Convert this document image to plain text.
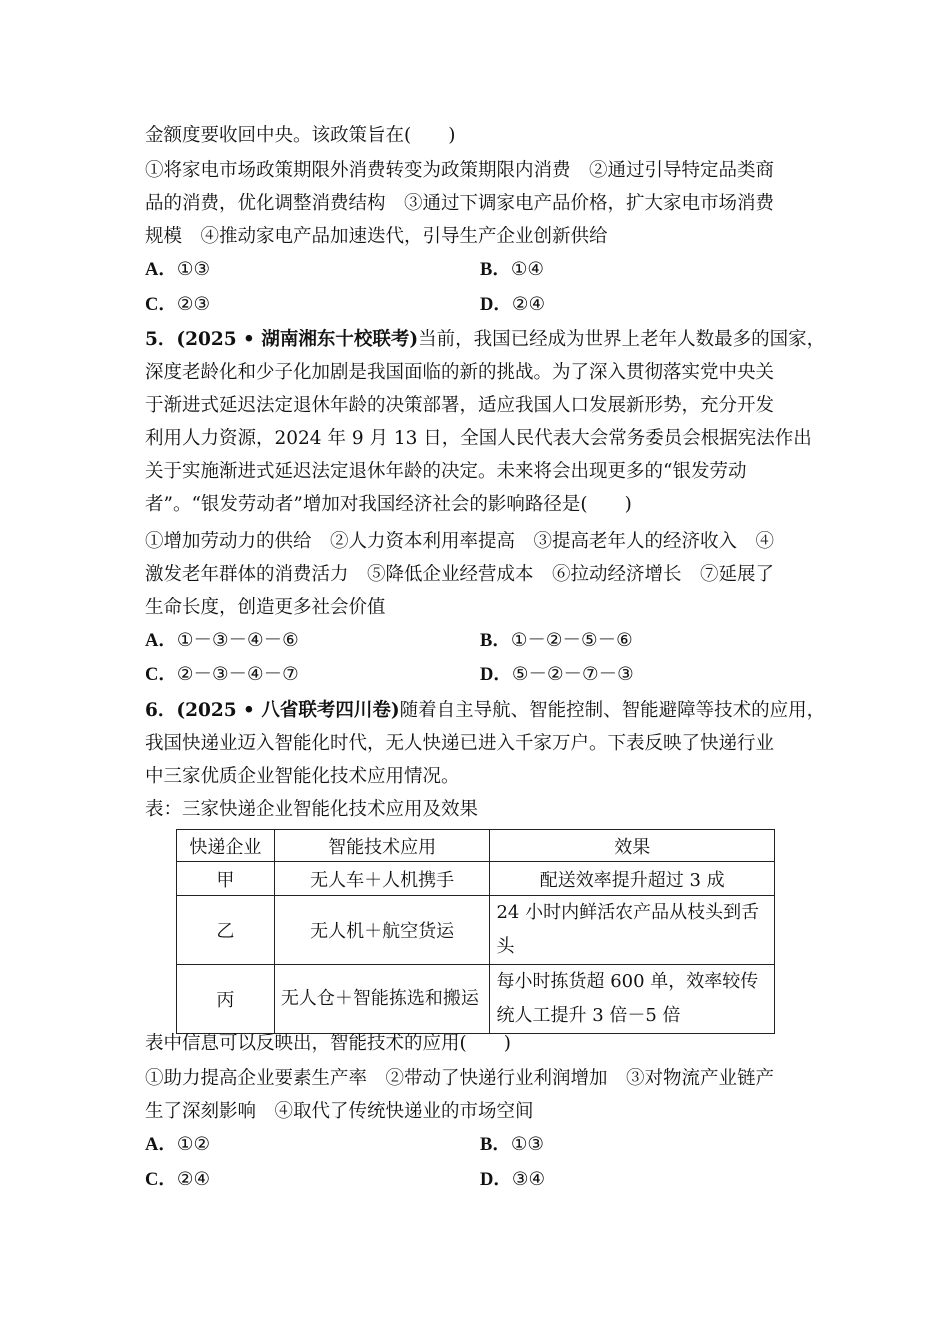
金额度要收回中央。该政策旨在(　　)
①将家电市场政策期限外消费转变为政策期限内消费　②通过引导特定品类商
品的消费，优化调整消费结构　③通过下调家电产品价格，扩大家电市场消费
规模　④推动家电产品加速迭代，引导生产企业创新供给
A．①③	B．①④
C．②③	D．②④
5．(2025 • 湖南湘东十校联考)当前，我国已经成为世界上老年人数最多的国家，
深度老龄化和少子化加剧是我国面临的新的挑战。为了深入贯彻落实党中央关
于渐进式延迟法定退休年龄的决策部署，适应我国人口发展新形势，充分开发
利用人力资源，2024 年 9 月 13 日，全国人民代表大会常务委员会根据宪法作出
关于实施渐进式延迟法定退休年龄的决定。未来将会出现更多的“银发劳动
者”。“银发劳动者”增加对我国经济社会的影响路径是(　　)
①增加劳动力的供给　②人力资本利用率提高　③提高老年人的经济收入　④
激发老年群体的消费活力　⑤降低企业经营成本　⑥拉动经济增长　⑦延展了
生命长度，创造更多社会价值
A．①－③－④－⑥	B．①－②－⑤－⑥
C．②－③－④－⑦	D．⑤－②－⑦－③
6．(2025 • 八省联考四川卷)随着自主导航、智能控制、智能避障等技术的应用，
我国快递业迈入智能化时代，无人快递已进入千家万户。下表反映了快递行业
中三家优质企业智能化技术应用情况。
表：三家快递企业智能化技术应用及效果
快递企业	智能技术应用	效果
甲	无人车＋人机携手	配送效率提升超过 3 成
乙	无人机＋航空货运	24 小时内鲜活农产品从枝头到舌头
丙	无人仓＋智能拣选和搬运	每小时拣货超 600 单，效率较传统人工提升 3 倍－5 倍
表中信息可以反映出，智能技术的应用(　　)
①助力提高企业要素生产率　②带动了快递行业利润增加　③对物流产业链产
生了深刻影响　④取代了传统快递业的市场空间
A．①②	B．①③
C．②④	D．③④
